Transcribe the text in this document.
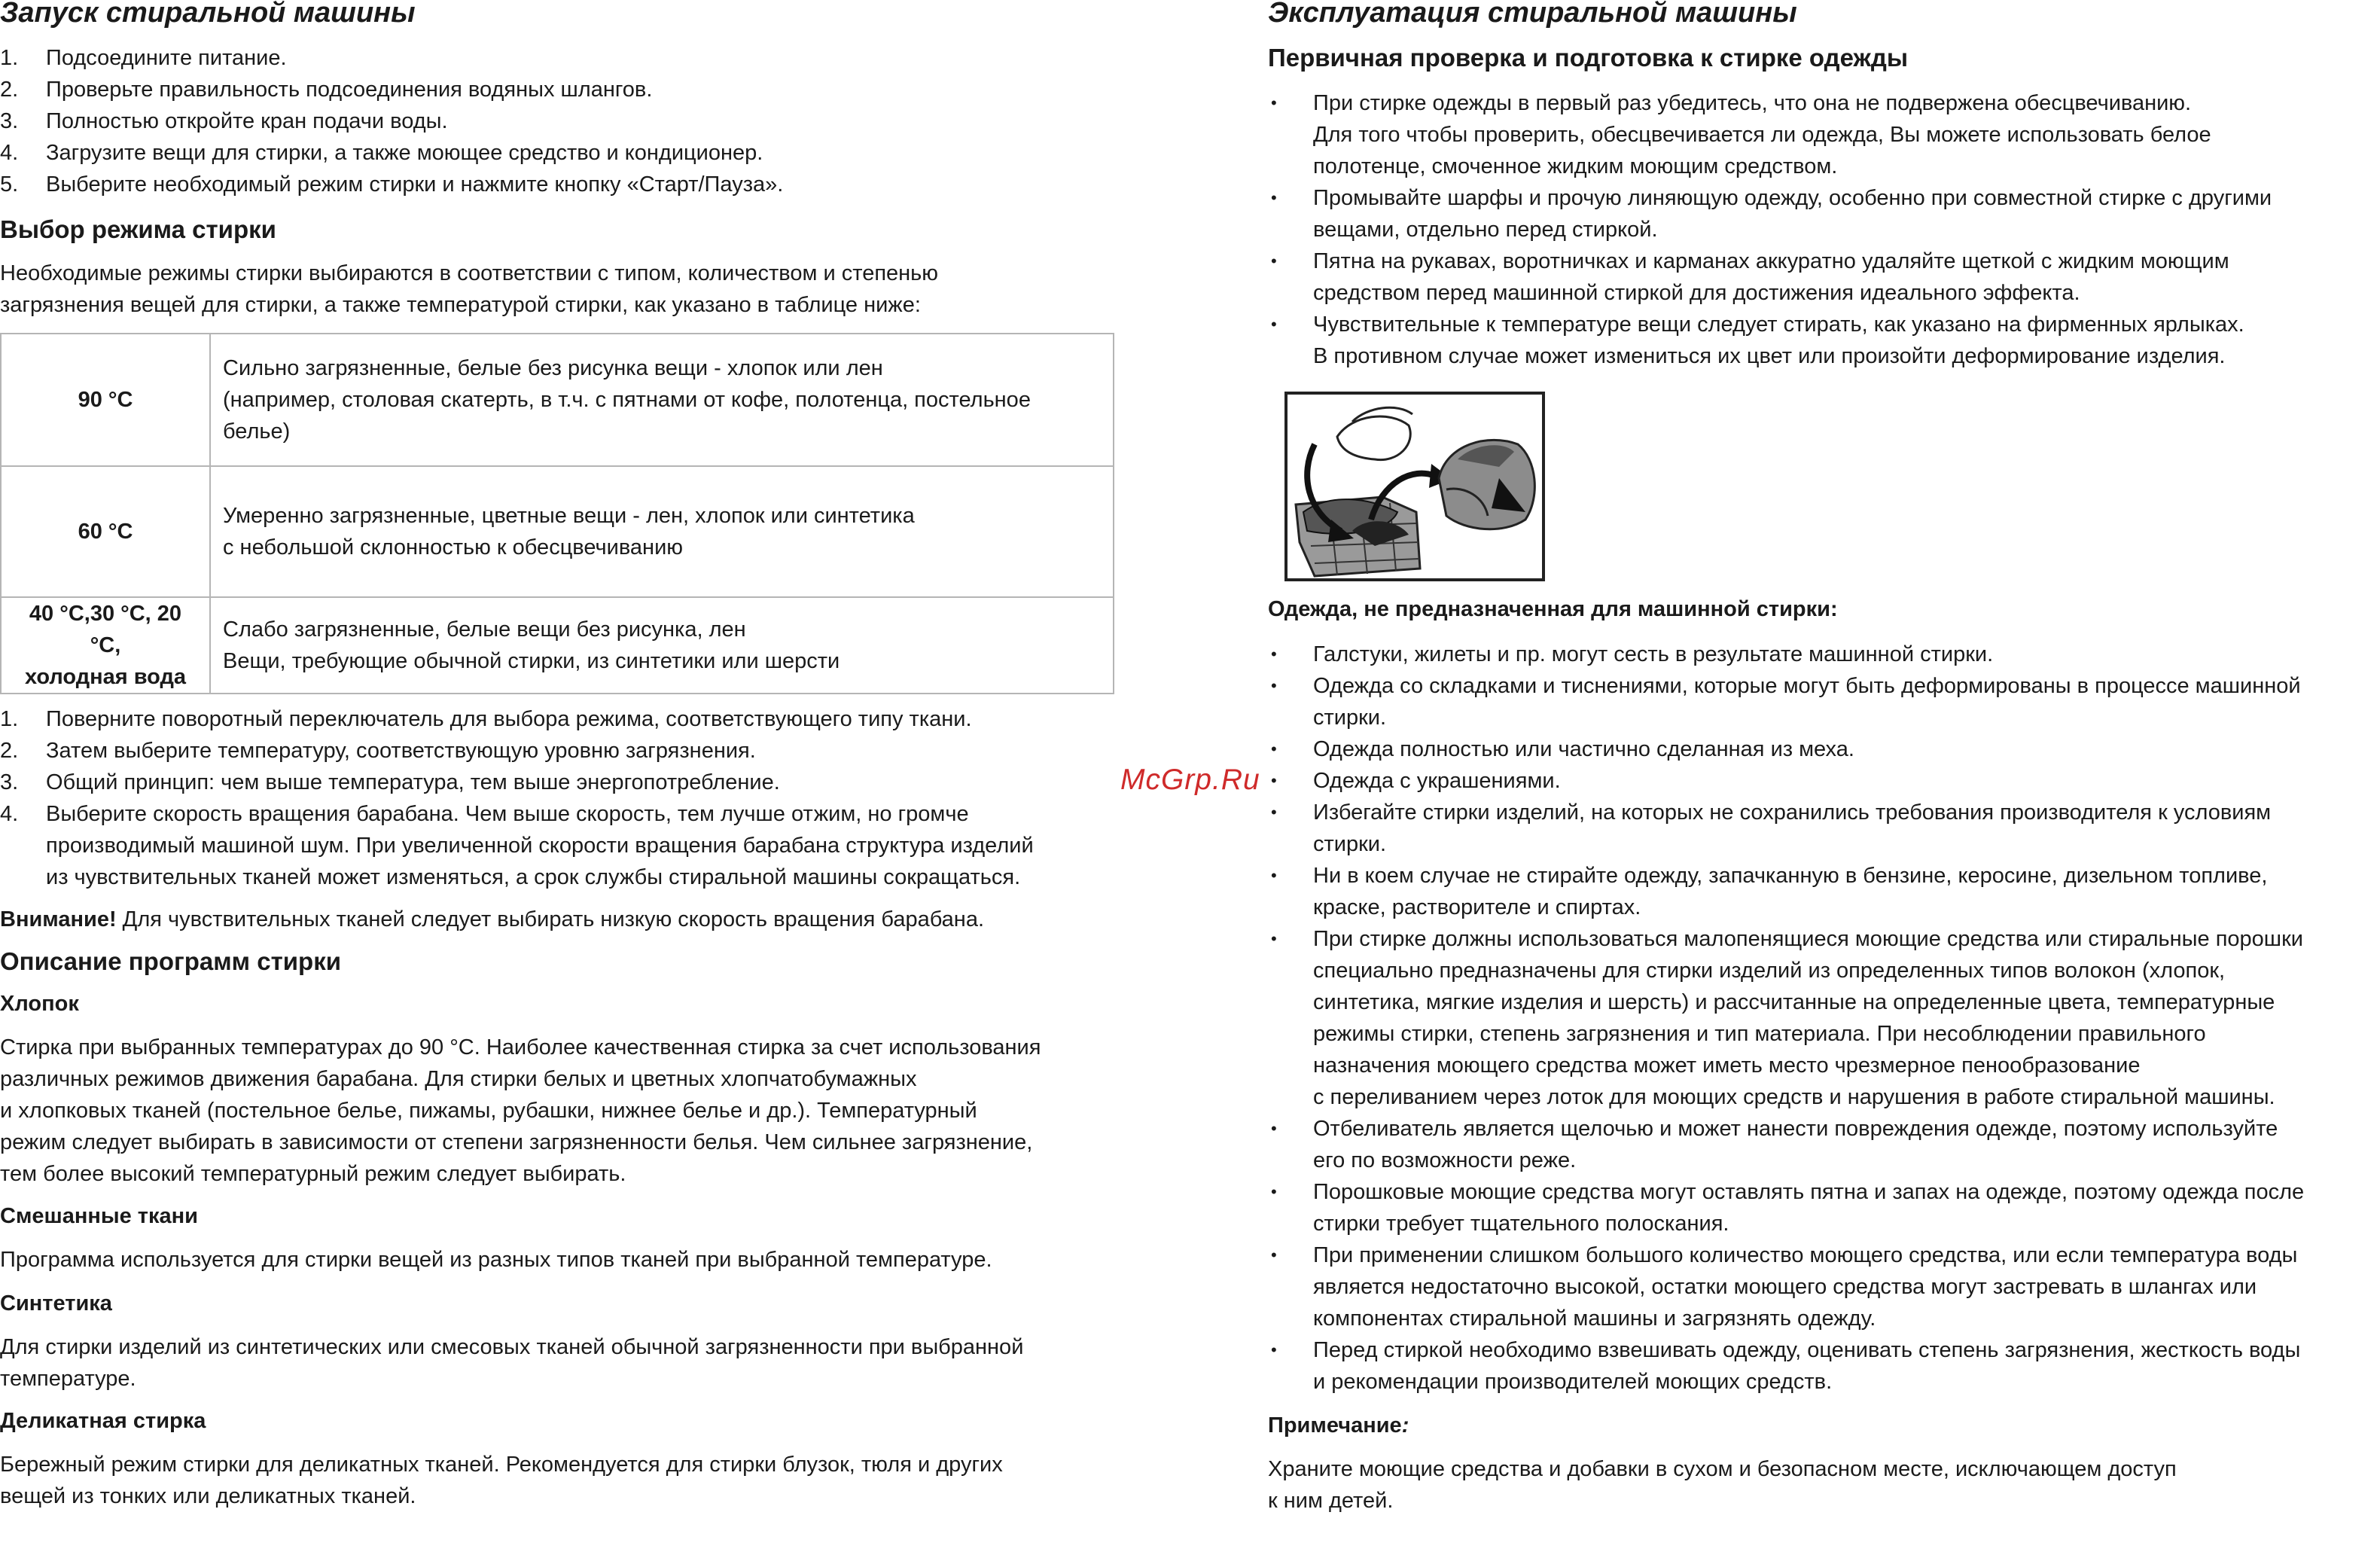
Запуск стиральной машины
1.	Подсоедините питание.
2.	Проверьте правильность подсоединения водяных шлангов.
3.	Полностью откройте кран подачи воды.
4.	Загрузите вещи для стирки, а также моющее средство и кондиционер.
5.	Выберите необходимый режим стирки и нажмите кнопку «Старт/Пауза».
Выбор режима стирки

Необходимые режимы стирки выбираются в соответствии с типом, количеством и степенью
загрязнения вещей для стирки, а также температурой стирки, как указано в таблице ниже:

90 °C	Сильно загрязненные, белые без рисунка вещи - хлопок или лен
(например, столовая скатерть, в т.ч. с пятнами от кофе, полотенца, постельное
белье)
60 °C	Умеренно загрязненные, цветные вещи - лен, хлопок или синтетика
с небольшой склонностью к обесцвечиванию
40 °C,30 °C, 20 °C,
холодная вода	Слабо загрязненные, белые вещи без рисунка, лен
Вещи, требующие обычной стирки, из синтетики или шерсти
1.	Поверните поворотный переключатель для выбора режима, соответствующего типу ткани.
2.	Затем выберите температуру, соответствующую уровню загрязнения.
3.	Общий принцип: чем выше температура, тем выше энергопотребление.
4.	Выберите скорость вращения барабана. Чем выше скорость, тем лучше отжим, но громче
производимый машиной шум. При увеличенной скорости вращения барабана структура изделий
из чувствительных тканей может изменяться, а срок службы стиральной машины сокращаться.

Внимание! Для чувствительных тканей следует выбирать низкую скорость вращения барабана.

Описание программ стирки
Хлопок

Стирка при выбранных температурах до 90 °C. Наиболее качественная стирка за счет использования
различных режимов движения барабана. Для стирки белых и цветных хлопчатобумажных
и хлопковых тканей (постельное белье, пижамы, рубашки, нижнее белье и др.). Температурный
режим следует выбирать в зависимости от степени загрязненности белья. Чем сильнее загрязнение,
тем более высокий температурный режим следует выбирать.

Смешанные ткани

Программа используется для стирки вещей из разных типов тканей при выбранной температуре.

Синтетика

Для стирки изделий из синтетических или смесовых тканей обычной загрязненности при выбранной
температуре.

Деликатная стирка

Бережный режим стирки для деликатных тканей. Рекомендуется для стирки блузок, тюля и других
вещей из тонких или деликатных тканей.

Эксплуатация стиральной машины
Первичная проверка и подготовка к стирке одежды
•	При стирке одежды в первый раз убедитесь, что она не подвержена обесцвечиванию.
Для того чтобы проверить, обесцвечивается ли одежда, Вы можете использовать белое
полотенце, смоченное жидким моющим средством.
•	Промывайте шарфы и прочую линяющую одежду, особенно при совместной стирке с другими
вещами, отдельно перед стиркой.
•	Пятна на рукавах, воротничках и карманах аккуратно удаляйте щеткой с жидким моющим
средством перед машинной стиркой для достижения идеального эффекта.
•	Чувствительные к температуре вещи следует стирать, как указано на фирменных ярлыках.
В противном случае может измениться их цвет или произойти деформирование изделия.
Одежда, не предназначенная для машинной стирки:
•	Галстуки, жилеты и пр. могут сесть в результате машинной стирки.
•	Одежда со складками и тиснениями, которые могут быть деформированы в процессе машинной
стирки.
•	Одежда полностью или частично сделанная из меха.
•	Одежда с украшениями.
•	Избегайте стирки изделий, на которых не сохранились требования производителя к условиям
стирки.
•	Ни в коем случае не стирайте одежду, запачканную в бензине, керосине, дизельном топливе,
краске, растворителе и спиртах.
•	При стирке должны использоваться малопенящиеся моющие средства или стиральные порошки
специально предназначены для стирки изделий из определенных типов волокон (хлопок,
синтетика, мягкие изделия и шерсть) и рассчитанные на определенные цвета, температурные
режимы стирки, степень загрязнения и тип материала. При несоблюдении правильного
назначения моющего средства может иметь место чрезмерное пенообразование
с переливанием через лоток для моющих средств и нарушения в работе стиральной машины.
•	Отбеливатель является щелочью и может нанести повреждения одежде, поэтому используйте
его по возможности реже.
•	Порошковые моющие средства могут оставлять пятна и запах на одежде, поэтому одежда после
стирки требует тщательного полоскания.
•	При применении слишком большого количество моющего средства, или если температура воды
является недостаточно высокой, остатки моющего средства могут застревать в шлангах или
компонентах стиральной машины и загрязнять одежду.
•	Перед стиркой необходимо взвешивать одежду, оценивать степень загрязнения, жесткость воды
и рекомендации производителей моющих средств.
Примечание:

Храните моющие средства и добавки в сухом и безопасном месте, исключающем доступ
к ним детей.

McGrp.Ru
